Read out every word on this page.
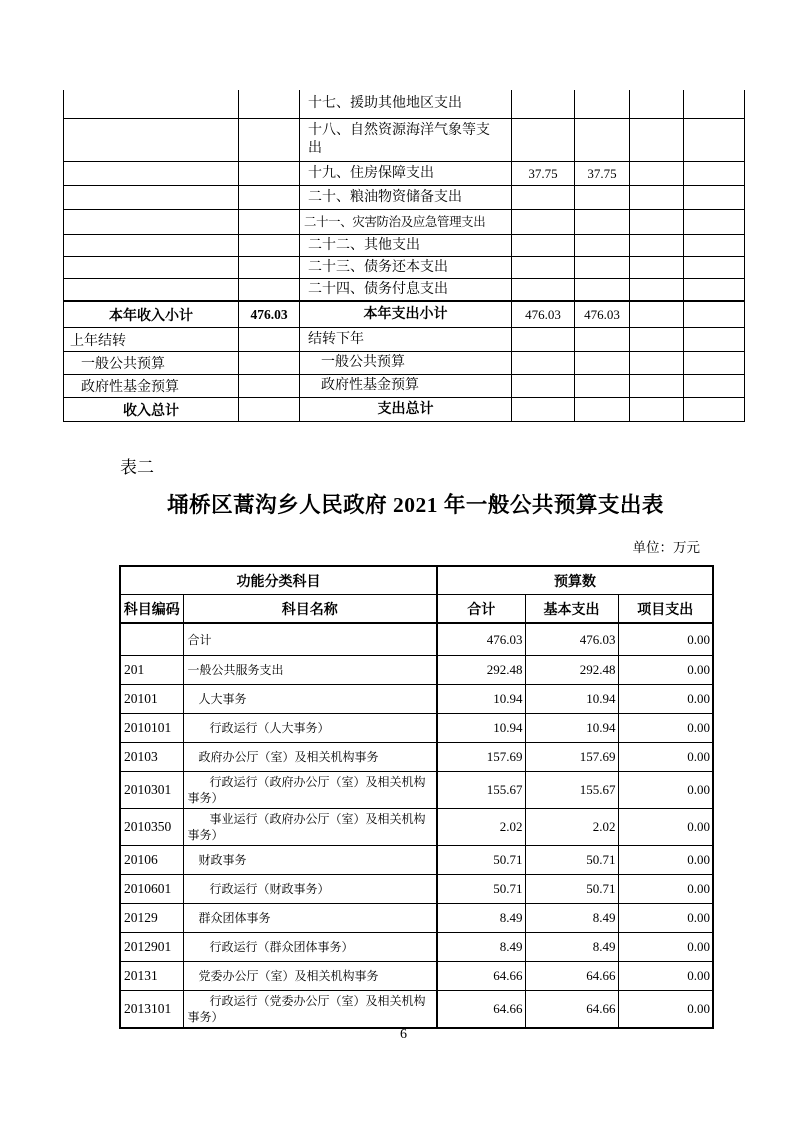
		十七、援助其他地区支出				
		十八、自然资源海洋气象等支出				
		十九、住房保障支出	37.75	37.75		
		二十、粮油物资储备支出				
		二十一、灾害防治及应急管理支出				
		二十二、其他支出				
		二十三、债务还本支出				
		二十四、债务付息支出				
本年收入小计	476.03	本年支出小计	476.03	476.03		
上年结转		结转下年				
一般公共预算		一般公共预算				
政府性基金预算		政府性基金预算				
收入总计		支出总计				
表二
埇桥区蒿沟乡人民政府 2021 年一般公共预算支出表
单位：万元
功能分类科目		预算数		
科目编码	科目名称	合计	基本支出	项目支出
	合计	476.03	476.03	0.00
201	一般公共服务支出	292.48	292.48	0.00
20101	人大事务	10.94	10.94	0.00
2010101	行政运行（人大事务）	10.94	10.94	0.00
20103	政府办公厅（室）及相关机构事务	157.69	157.69	0.00
2010301	行政运行（政府办公厅（室）及相关机构事务）	155.67	155.67	0.00
2010350	事业运行（政府办公厅（室）及相关机构事务）	2.02	2.02	0.00
20106	财政事务	50.71	50.71	0.00
2010601	行政运行（财政事务）	50.71	50.71	0.00
20129	群众团体事务	8.49	8.49	0.00
2012901	行政运行（群众团体事务）	8.49	8.49	0.00
20131	党委办公厅（室）及相关机构事务	64.66	64.66	0.00
2013101	行政运行（党委办公厅（室）及相关机构事务）	64.66	64.66	0.00
6
